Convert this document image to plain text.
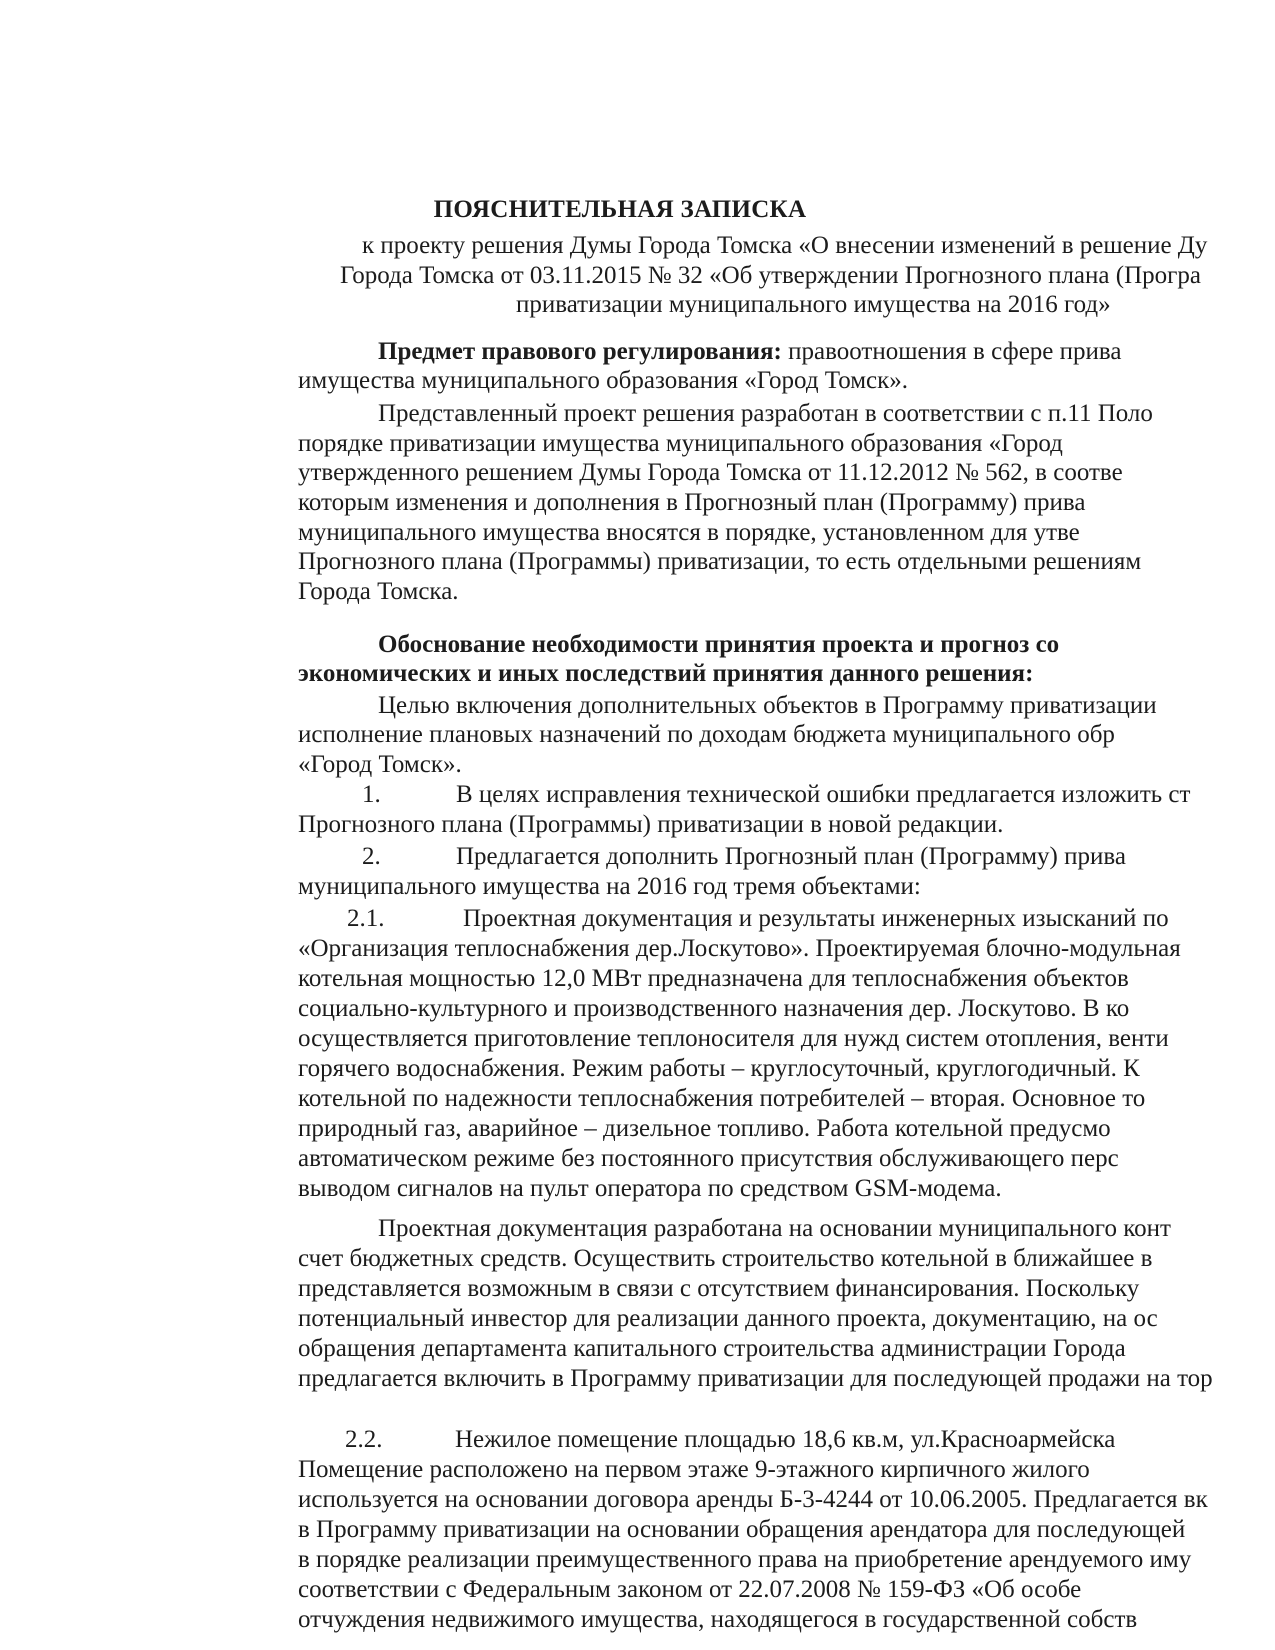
ПОЯСНИТЕЛЬНАЯ ЗАПИСКА
к проекту решения Думы Города Томска «О внесении изменений в решение Ду
Города Томска от 03.11.2015 № 32 «Об утверждении Прогнозного плана (Програ
приватизации муниципального имущества на 2016 год»
Предмет правового регулирования: правоотношения в сфере прива
имущества муниципального образования «Город Томск».
Представленный проект решения разработан в соответствии с п.11 Поло
порядке приватизации имущества муниципального образования «Город
утвержденного решением Думы Города Томска от 11.12.2012 № 562, в соотве
которым изменения и дополнения в Прогнозный план (Программу) прива
муниципального имущества вносятся в порядке, установленном для утве
Прогнозного плана (Программы) приватизации, то есть отдельными решениям
Города Томска.
Обоснование необходимости принятия проекта и прогноз со
экономических и иных последствий принятия данного решения:
Целью включения дополнительных объектов в Программу приватизации
исполнение плановых назначений по доходам бюджета муниципального обр
«Город Томск».
1.	В целях исправления технической ошибки предлагается изложить ст
Прогнозного плана (Программы) приватизации в новой редакции.
2.	Предлагается дополнить Прогнозный план (Программу) прива
муниципального имущества на 2016 год тремя объектами:
2.1.	Проектная документация и результаты инженерных изысканий по
«Организация теплоснабжения дер.Лоскутово». Проектируемая блочно-модульная
котельная мощностью 12,0 МВт предназначена для теплоснабжения объектов
социально-культурного и производственного назначения дер. Лоскутово. В ко
осуществляется приготовление теплоносителя для нужд систем отопления, венти
горячего водоснабжения. Режим работы – круглосуточный, круглогодичный. К
котельной по надежности теплоснабжения потребителей – вторая. Основное то
природный газ, аварийное – дизельное топливо. Работа котельной предусмо
автоматическом режиме без постоянного присутствия обслуживающего перс
выводом сигналов на пульт оператора по средством GSM-модема.
Проектная документация разработана на основании муниципального конт
счет бюджетных средств. Осуществить строительство котельной в ближайшее в
представляется возможным в связи с отсутствием финансирования. Поскольку
потенциальный инвестор для реализации данного проекта, документацию, на ос
обращения департамента капитального строительства администрации Города
предлагается включить в Программу приватизации для последующей продажи на тор
2.2.	Нежилое помещение площадью 18,6 кв.м, ул.Красноармейска
Помещение расположено на первом этаже 9-этажного кирпичного жилого
используется на основании договора аренды Б-3-4244 от 10.06.2005. Предлагается вк
в Программу приватизации на основании обращения арендатора для последующей
в порядке реализации преимущественного права на приобретение арендуемого иму
соответствии с Федеральным законом от 22.07.2008 № 159-ФЗ «Об особе
отчуждения недвижимого имущества, находящегося в государственной собств
